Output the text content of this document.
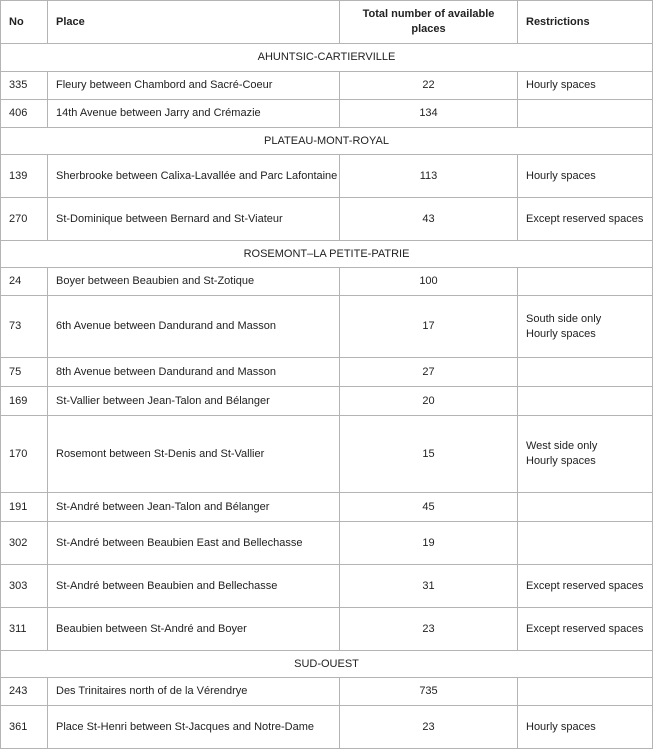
No	Place	Total number of available places	Restrictions
AHUNTSIC-CARTIERVILLE			
335	Fleury between Chambord and Sacré-Coeur	22	Hourly spaces

406	14th Avenue between Jarry and Crémazie	134	
PLATEAU-MONT-ROYAL			
139	Sherbrooke between Calixa-Lavallée and Parc Lafontaine	113	Hourly spaces

270	St-Dominique between Bernard and St-Viateur	43	Except reserved spaces

ROSEMONT–LA PETITE-PATRIE			
24	Boyer between Beaubien and St-Zotique	100	
73	6th Avenue between Dandurand and Masson	17	South side only
Hourly spaces

75	8th Avenue between Dandurand and Masson	27	
169	St-Vallier between Jean-Talon and Bélanger	20	
170	Rosemont between St-Denis and St-Vallier	15	West side only
Hourly spaces

191	St-André between Jean-Talon and Bélanger	45	
302	St-André between Beaubien East and Bellechasse	19	
303	St-André between Beaubien and Bellechasse	31	Except reserved spaces

311	Beaubien between St-André and Boyer	23	Except reserved spaces

SUD-OUEST			
243	Des Trinitaires north of de la Vérendrye	735	
361	Place St-Henri between St-Jacques and Notre-Dame	23	Hourly spaces
